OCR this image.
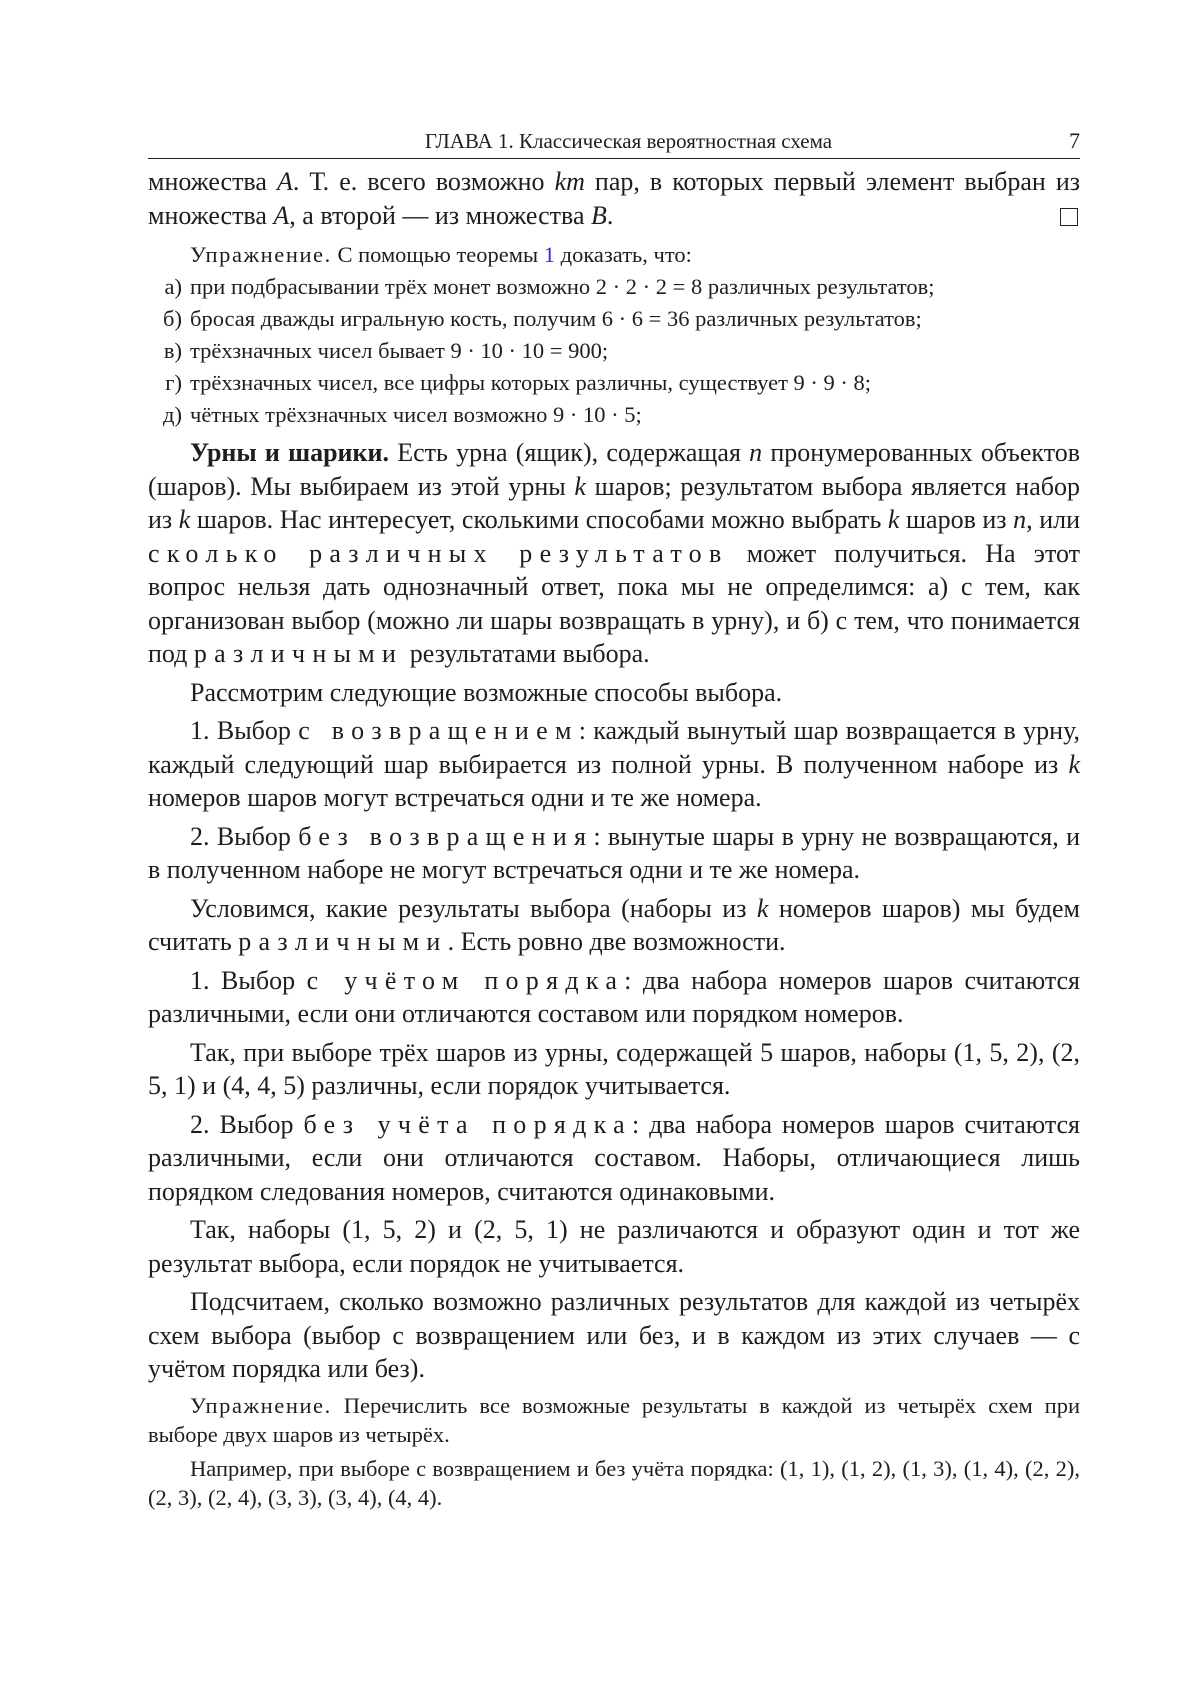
ГЛАВА 1. Классическая вероятностная схема	7

множества A. Т. е. всего возможно km пар, в которых первый элемент выбран из множества A, а второй — из множества B.

Упражнение. С помощью теоремы 1 доказать, что:

а) при подбрасывании трёх монет возможно 2 · 2 · 2 = 8 различных результатов;
б) бросая дважды игральную кость, получим 6 · 6 = 36 различных результатов;
в) трёхзначных чисел бывает 9 · 10 · 10 = 900;
г) трёхзначных чисел, все цифры которых различны, существует 9 · 9 · 8;
д) чётных трёхзначных чисел возможно 9 · 10 · 5;

Урны и шарики. Есть урна (ящик), содержащая n пронумерованных объектов (шаров). Мы выбираем из этой урны k шаров; результатом выбора является набор из k шаров. Нас интересует, сколькими способами можно выбрать k шаров из n, или сколько различных результатов может получиться. На этот вопрос нельзя дать однозначный ответ, пока мы не определимся: а) с тем, как организован выбор (можно ли шары возвращать в урну), и б) с тем, что понимается под различными результатами выбора.

Рассмотрим следующие возможные способы выбора.

1. Выбор с возвращением: каждый вынутый шар возвращается в урну, каждый следующий шар выбирается из полной урны. В полученном наборе из k номеров шаров могут встречаться одни и те же номера.

2. Выбор без возвращения: вынутые шары в урну не возвращаются, и в полученном наборе не могут встречаться одни и те же номера.

Условимся, какие результаты выбора (наборы из k номеров шаров) мы будем считать различными. Есть ровно две возможности.

1. Выбор с учётом порядка: два набора номеров шаров считаются различными, если они отличаются составом или порядком номеров.

Так, при выборе трёх шаров из урны, содержащей 5 шаров, наборы (1, 5, 2), (2, 5, 1) и (4, 4, 5) различны, если порядок учитывается.

2. Выбор без учёта порядка: два набора номеров шаров считаются различными, если они отличаются составом. Наборы, отличающиеся лишь порядком следования номеров, считаются одинаковыми.

Так, наборы (1, 5, 2) и (2, 5, 1) не различаются и образуют один и тот же результат выбора, если порядок не учитывается.

Подсчитаем, сколько возможно различных результатов для каждой из четырёх схем выбора (выбор с возвращением или без, и в каждом из этих случаев — с учётом порядка или без).

Упражнение. Перечислить все возможные результаты в каждой из четырёх схем при выборе двух шаров из четырёх.

Например, при выборе с возвращением и без учёта порядка: (1, 1), (1, 2), (1, 3), (1, 4), (2, 2), (2, 3), (2, 4), (3, 3), (3, 4), (4, 4).
